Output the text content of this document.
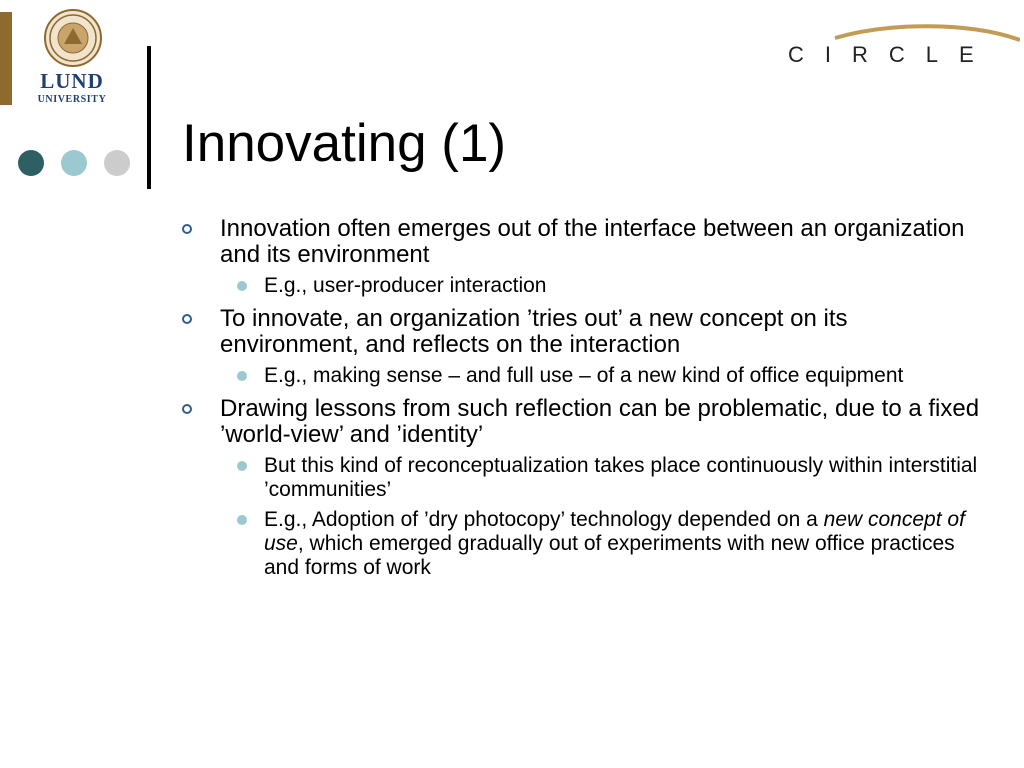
LUND
UNIVERSITY
CIRCLE
Innovating (1)
Innovation often emerges out of the interface between an organization and its environment
E.g., user-producer interaction
To innovate, an organization ’tries out’ a new concept on its environment, and reflects on the interaction
E.g., making sense – and full use – of a new kind of office equipment
Drawing lessons from such reflection can be problematic, due to a fixed ’world-view’ and ’identity’
But this kind of reconceptualization takes place continuously within interstitial ’communities’
E.g., Adoption of ’dry photocopy’ technology depended on a new concept of use, which emerged gradually out of experiments with new office practices and forms of work
